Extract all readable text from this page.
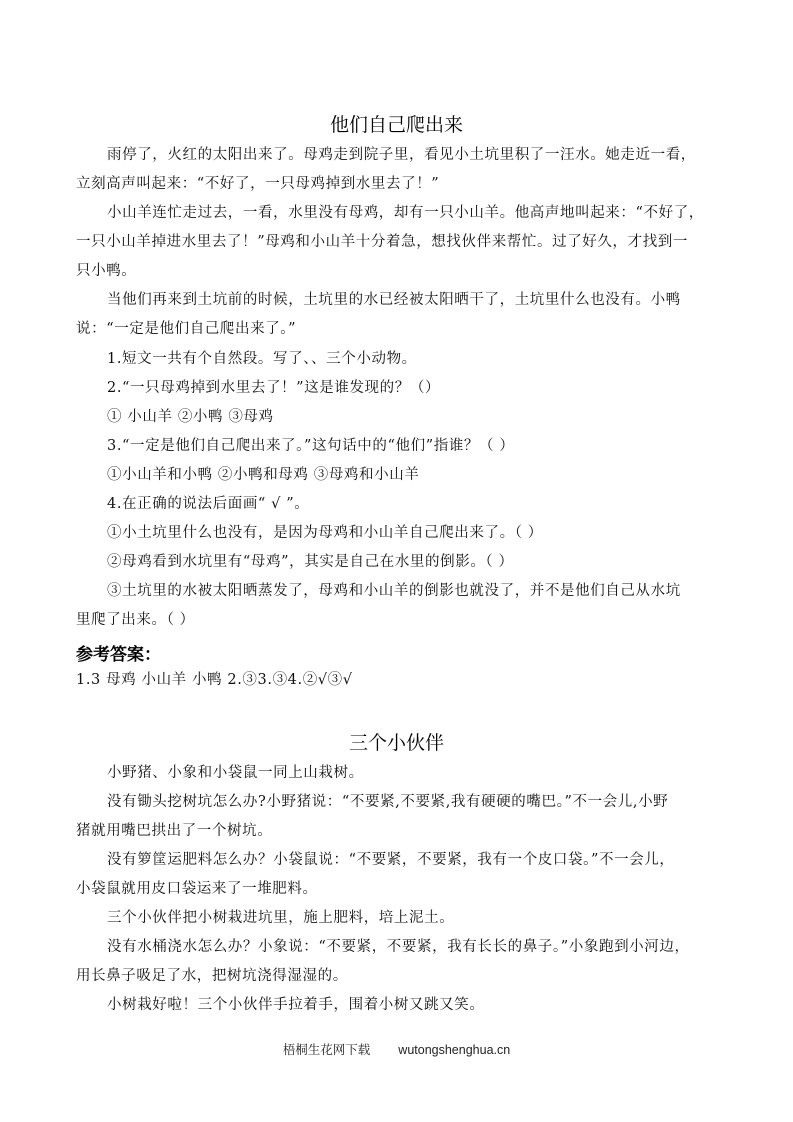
他们自己爬出来
雨停了，火红的太阳出来了。母鸡走到院子里，看见小土坑里积了一汪水。她走近一看，
立刻高声叫起来：“不好了，一只母鸡掉到水里去了！”
小山羊连忙走过去，一看，水里没有母鸡，却有一只小山羊。他高声地叫起来：“不好了，
一只小山羊掉进水里去了！”母鸡和小山羊十分着急，想找伙伴来帮忙。过了好久，才找到一
只小鸭。
当他们再来到土坑前的时候，土坑里的水已经被太阳晒干了，土坑里什么也没有。小鸭
说：“一定是他们自己爬出来了。”
1.短文一共有个自然段。写了、、三个小动物。
2.“一只母鸡掉到水里去了！”这是谁发现的？（）
① 小山羊 ②小鸭 ③母鸡
3.“一定是他们自己爬出来了。”这句话中的“他们”指谁？（ ）
①小山羊和小鸭 ②小鸭和母鸡 ③母鸡和小山羊
4.在正确的说法后面画“ √ ”。
①小土坑里什么也没有，是因为母鸡和小山羊自己爬出来了。（ ）
②母鸡看到水坑里有“母鸡”，其实是自己在水里的倒影。（ ）
③土坑里的水被太阳晒蒸发了，母鸡和小山羊的倒影也就没了，并不是他们自己从水坑
里爬了出来。（ ）
参考答案：
1.3 母鸡 小山羊 小鸭 2.③3.③4.②√③√
三个小伙伴
小野猪、小象和小袋鼠一同上山栽树。
没有锄头挖树坑怎么办?小野猪说：“不要紧,不要紧,我有硬硬的嘴巴。”不一会儿,小野
猪就用嘴巴拱出了一个树坑。
没有箩筐运肥料怎么办？小袋鼠说：“不要紧，不要紧，我有一个皮口袋。”不一会儿，
小袋鼠就用皮口袋运来了一堆肥料。
三个小伙伴把小树栽进坑里，施上肥料，培上泥土。
没有水桶浇水怎么办？小象说：“不要紧，不要紧，我有长长的鼻子。”小象跑到小河边，
用长鼻子吸足了水，把树坑浇得湿湿的。
小树栽好啦！三个小伙伴手拉着手，围着小树又跳又笑。
梧桐生花网下载 wutongshenghua.cn
